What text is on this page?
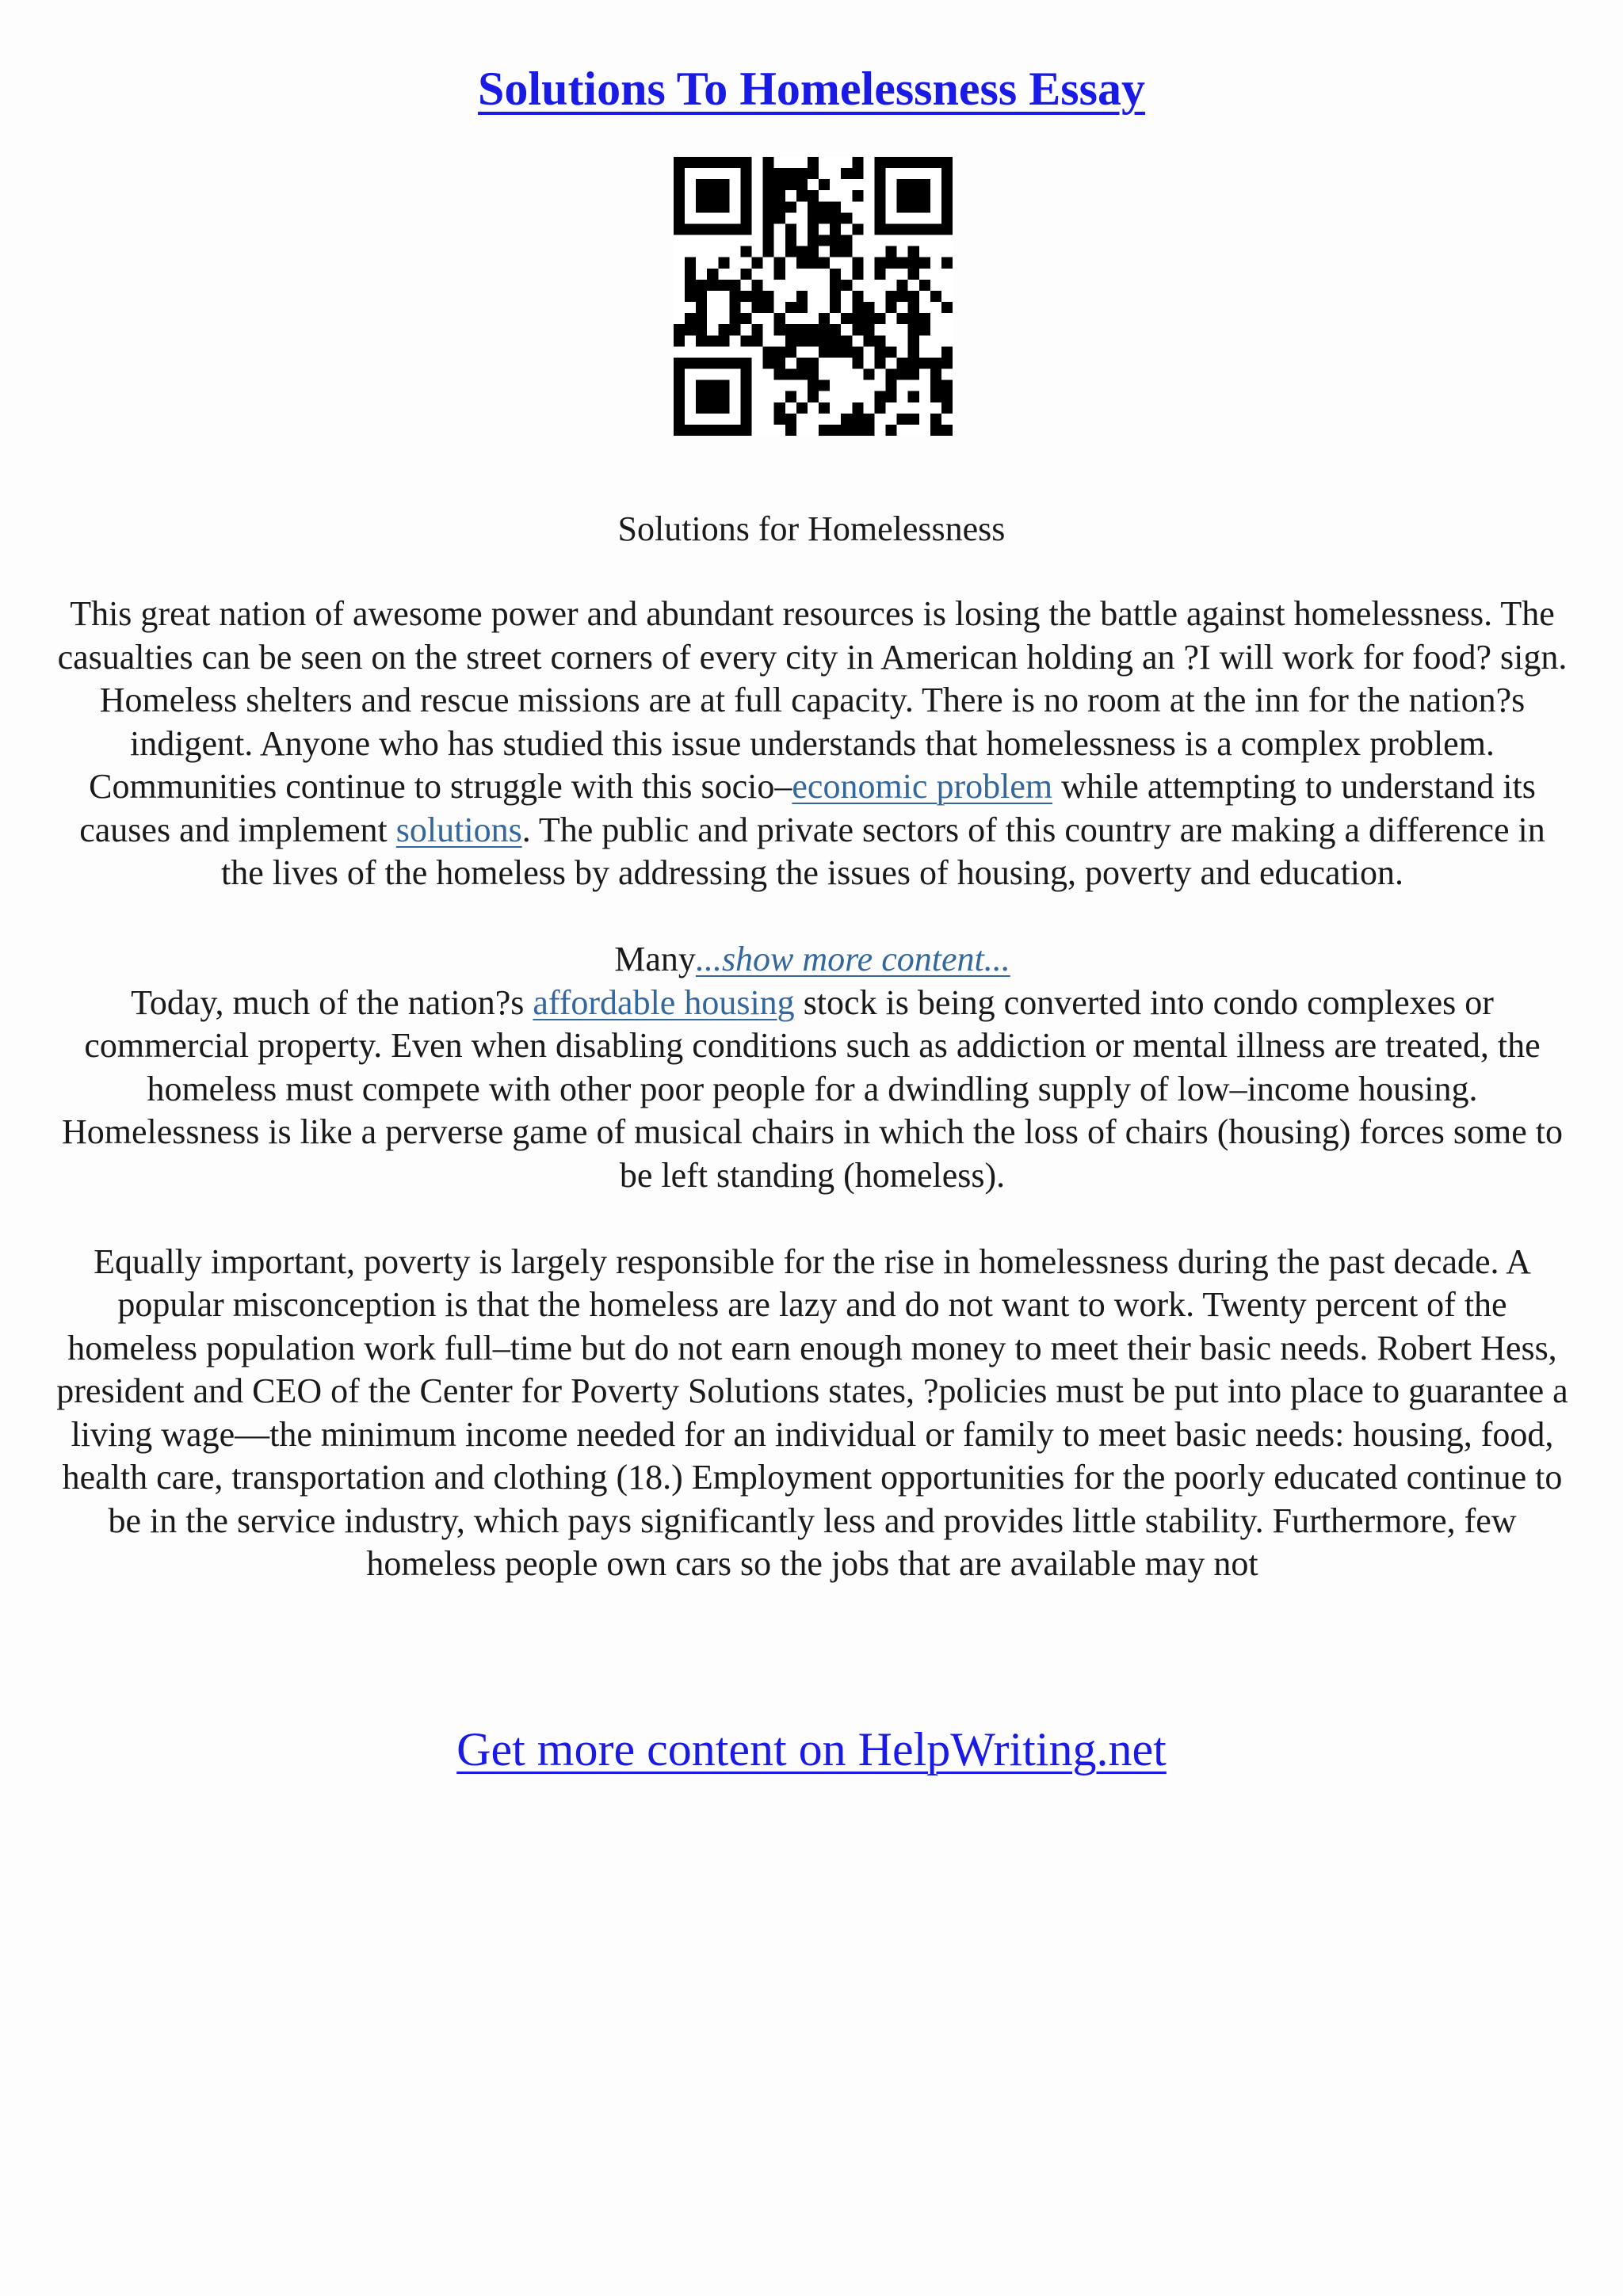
Solutions To Homelessness Essay
Solutions for Homelessness

This great nation of awesome power and abundant resources is losing the battle against homelessness. The casualties can be seen on the street corners of every city in American holding an ?I will work for food? sign. Homeless shelters and rescue missions are at full capacity. There is no room at the inn for the nation?s indigent. Anyone who has studied this issue understands that homelessness is a complex problem. Communities continue to struggle with this socio–economic problem while attempting to understand its causes and implement solutions. The public and private sectors of this country are making a difference in the lives of the homeless by addressing the issues of housing, poverty and education.

Many...show more content...
Today, much of the nation?s affordable housing stock is being converted into condo complexes or commercial property. Even when disabling conditions such as addiction or mental illness are treated, the homeless must compete with other poor people for a dwindling supply of low–income housing. Homelessness is like a perverse game of musical chairs in which the loss of chairs (housing) forces some to be left standing (homeless).

Equally important, poverty is largely responsible for the rise in homelessness during the past decade. A popular misconception is that the homeless are lazy and do not want to work. Twenty percent of the homeless population work full–time but do not earn enough money to meet their basic needs. Robert Hess, president and CEO of the Center for Poverty Solutions states, ?policies must be put into place to guarantee a living wage—the minimum income needed for an individual or family to meet basic needs: housing, food, health care, transportation and clothing (18.) Employment opportunities for the poorly educated continue to be in the service industry, which pays significantly less and provides little stability. Furthermore, few homeless people own cars so the jobs that are available may not

Get more content on HelpWriting.net
